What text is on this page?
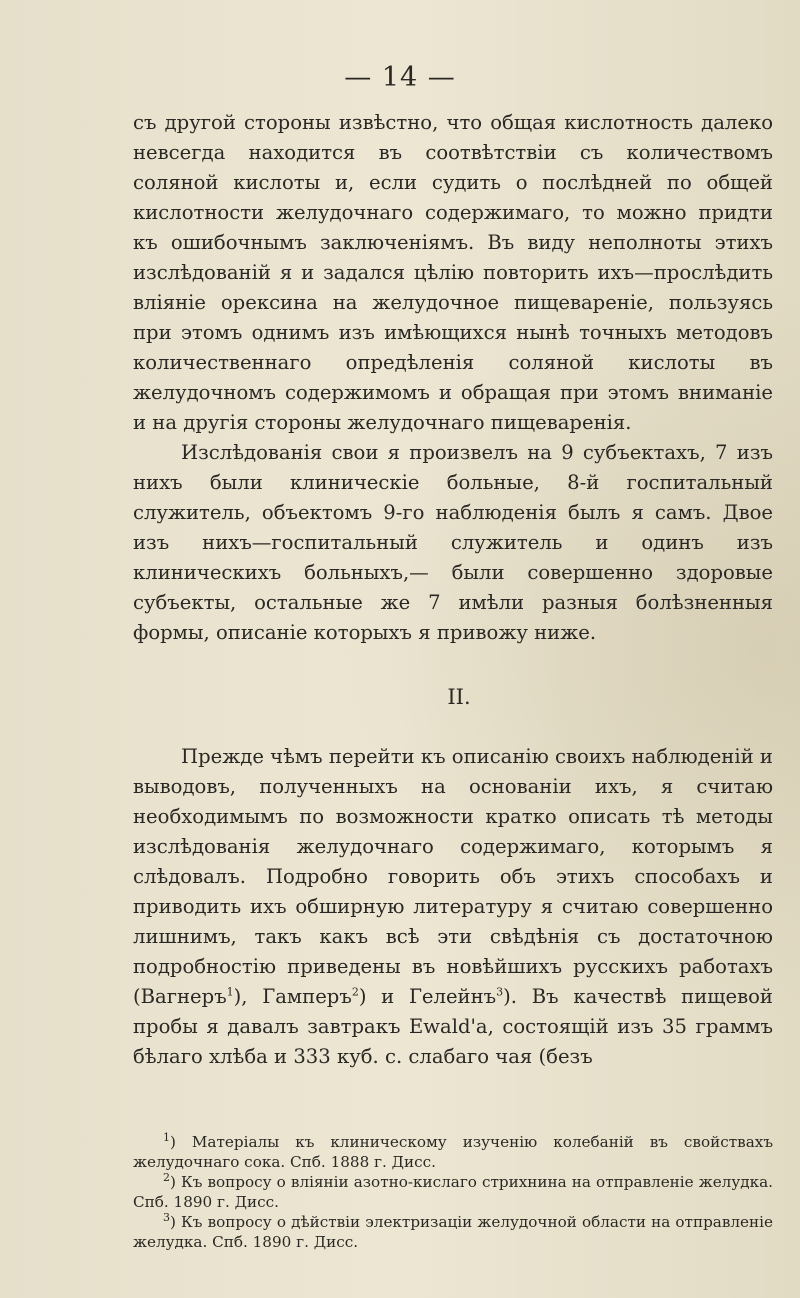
— 14 —

съ другой стороны извѣстно, что общая кислотность далеко невсегда находится въ соотвѣтствіи съ количествомъ соляной кислоты и, если судить о послѣдней по общей кислотности желудочнаго содержимаго, то можно придти къ ошибочнымъ заключеніямъ. Въ виду неполноты этихъ изслѣдованій я и задался цѣлію повторить ихъ—прослѣдить вліяніе орексина на желудочное пищевареніе, пользуясь при этомъ однимъ изъ имѣющихся нынѣ точныхъ методовъ количественнаго опредѣленія соляной кислоты въ желудочномъ содержимомъ и обращая при этомъ вниманіе и на другія стороны желудочнаго пищеваренія.

Изслѣдованія свои я произвелъ на 9 субъектахъ, 7 изъ нихъ были клиническіе больные, 8-й госпитальный служитель, объектомъ 9-го наблюденія былъ я самъ. Двое изъ нихъ—госпитальный служитель и одинъ изъ клиническихъ больныхъ,— были совершенно здоровые субъекты, остальные же 7 имѣли разныя болѣзненныя формы, описаніе которыхъ я привожу ниже.

II.

Прежде чѣмъ перейти къ описанію своихъ наблюденій и выводовъ, полученныхъ на основаніи ихъ, я считаю необходимымъ по возможности кратко описать тѣ методы изслѣдованія желудочнаго содержимаго, которымъ я слѣдовалъ. Подробно говорить объ этихъ способахъ и приводить ихъ обширную литературу я считаю совершенно лишнимъ, такъ какъ всѣ эти свѣдѣнія съ достаточною подробностію приведены въ новѣйшихъ русскихъ работахъ (Вагнеръ$^1$), Гамперъ$^2$) и Гелейнъ$^3$). Въ качествѣ пищевой пробы я давалъ завтракъ Ewald'a, состоящій изъ 35 граммъ бѣлаго хлѣба и 333 куб. с. слабаго чая (безъ

$^1$) Матеріалы къ клиническому изученію колебаній въ свойствахъ желудочнаго сока. Спб. 1888 г. Дисс.

$^2$) Къ вопросу о вліяніи азотно-кислаго стрихнина на отправленіе желудка. Спб. 1890 г. Дисс.

$^3$) Къ вопросу о дѣйствіи электризаціи желудочной области на отправленіе желудка. Спб. 1890 г. Дисс.
